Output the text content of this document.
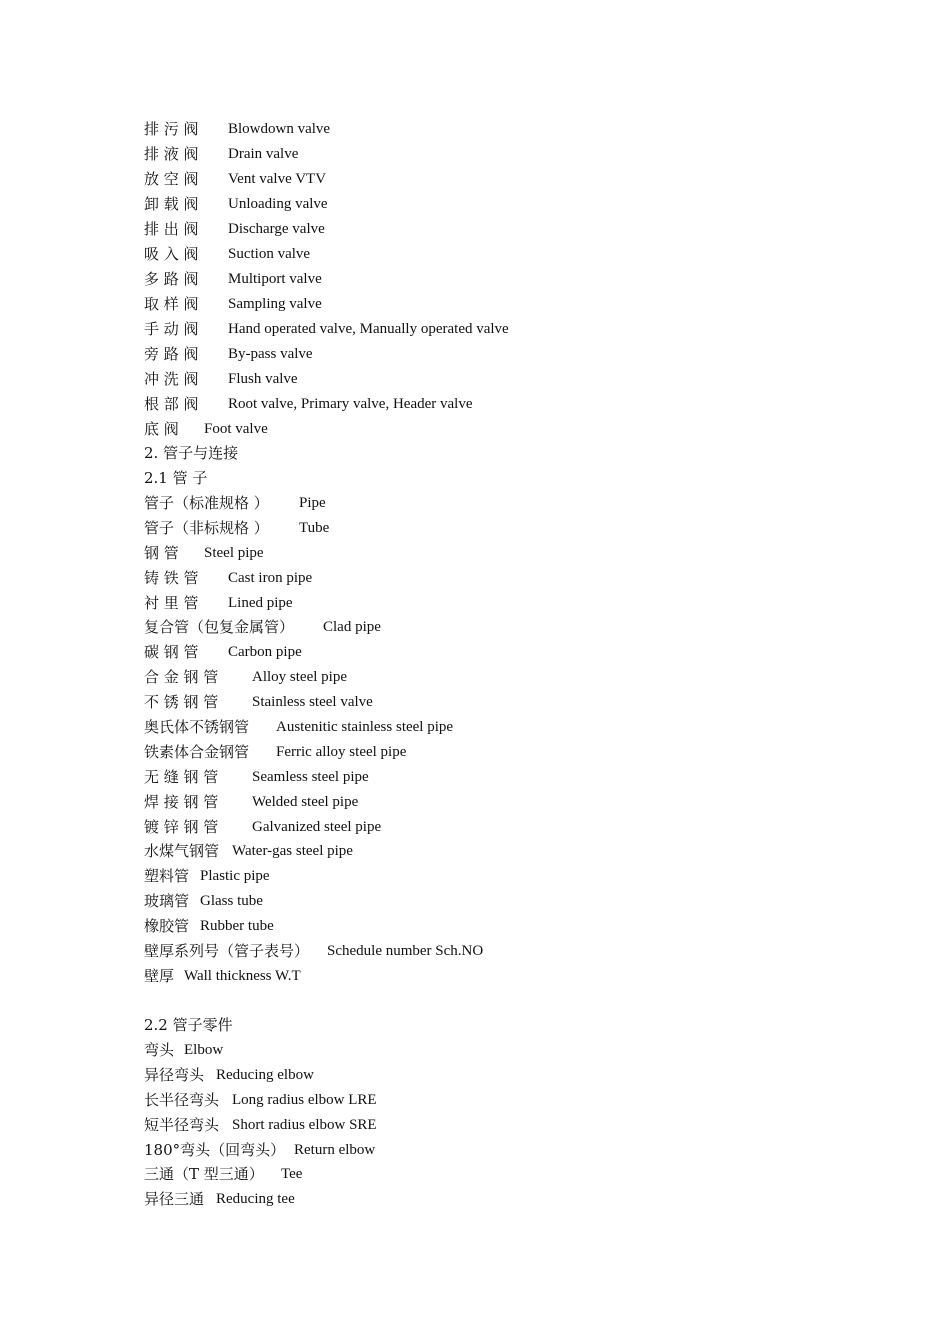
排 污 阀 Blowdown valve
排 液 阀 Drain valve
放 空 阀 Vent valve VTV
卸 载 阀 Unloading valve
排 出 阀 Discharge valve
吸 入 阀 Suction valve
多 路 阀 Multiport valve
取 样 阀 Sampling valve
手 动 阀 Hand operated valve, Manually operated valve
旁 路 阀 By-pass valve
冲 洗 阀 Flush valve
根 部 阀 Root valve, Primary valve, Header valve
底 阀 Foot valve
2. 管子与连接
2.1 管 子
管子（标准规格 ） Pipe
管子（非标规格 ） Tube
钢 管 Steel pipe
铸 铁 管 Cast iron pipe
衬 里 管 Lined pipe
复合管（包复金属管） Clad pipe
碳 钢 管 Carbon pipe
合 金 钢 管 Alloy steel pipe
不 锈 钢 管 Stainless steel valve
奥氏体不锈钢管 Austenitic stainless steel pipe
铁素体合金钢管 Ferric alloy steel pipe
无 缝 钢 管 Seamless steel pipe
焊 接 钢 管 Welded steel pipe
镀 锌 钢 管 Galvanized steel pipe
水煤气钢管 Water-gas steel pipe
塑料管 Plastic pipe
玻璃管 Glass tube
橡胶管 Rubber tube
壁厚系列号（管子表号） Schedule number Sch.NO
壁厚 Wall thickness W.T
2.2 管子零件
弯头 Elbow
异径弯头 Reducing elbow
长半径弯头 Long radius elbow LRE
短半径弯头 Short radius elbow SRE
180°弯头（回弯头） Return elbow
三通（T 型三通） Tee
异径三通 Reducing tee
